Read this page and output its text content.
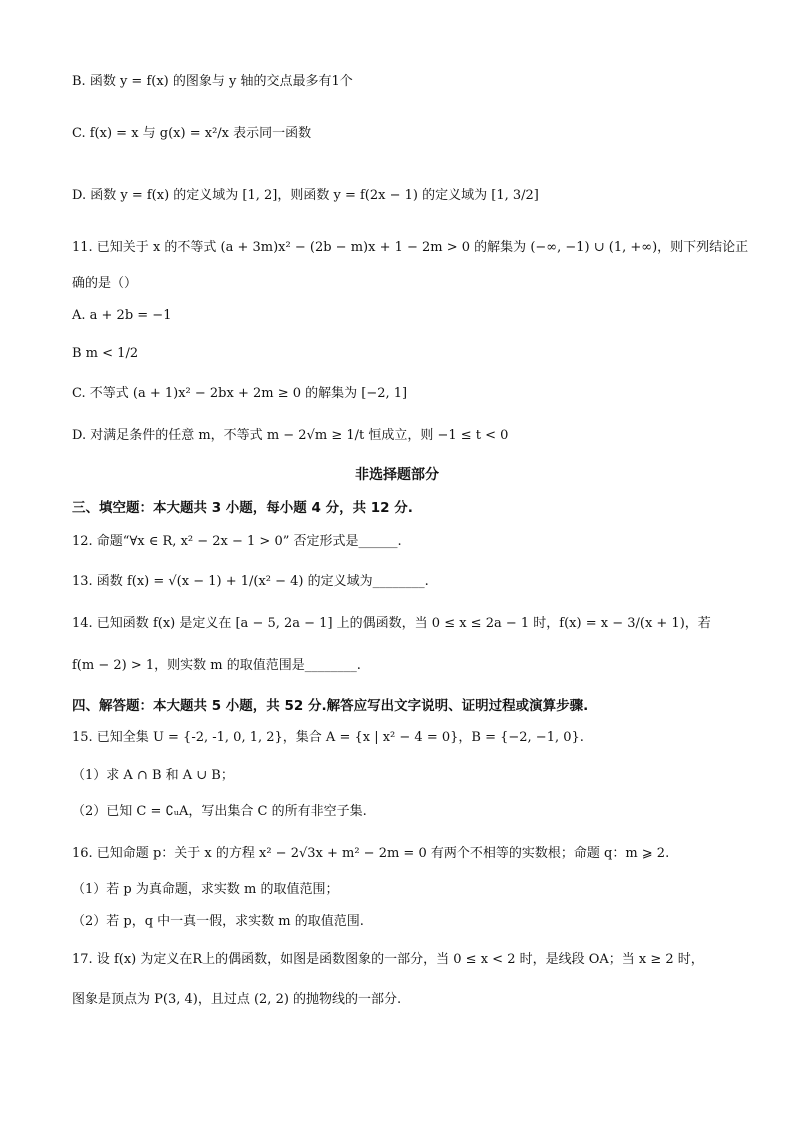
B. 函数 y = f(x) 的图象与 y 轴的交点最多有1个
C. f(x) = x 与 g(x) = x²/x 表示同一函数
D. 函数 y = f(x) 的定义域为 [1, 2]，则函数 y = f(2x − 1) 的定义域为 [1, 3/2]
11. 已知关于 x 的不等式 (a + 3m)x² − (2b − m)x + 1 − 2m > 0 的解集为 (−∞, −1) ∪ (1, +∞)，则下列结论正
确的是（）
A. a + 2b = −1
B m < 1/2
C. 不等式 (a + 1)x² − 2bx + 2m ≥ 0 的解集为 [−2, 1]
D. 对满足条件的任意 m，不等式 m − 2√m ≥ 1/t 恒成立，则 −1 ≤ t < 0
非选择题部分
三、填空题：本大题共 3 小题，每小题 4 分，共 12 分.
12. 命题“∀x ∈ R, x² − 2x − 1 > 0” 否定形式是______.
13. 函数 f(x) = √(x − 1) + 1/(x² − 4) 的定义域为________.
14. 已知函数 f(x) 是定义在 [a − 5, 2a − 1] 上的偶函数，当 0 ≤ x ≤ 2a − 1 时，f(x) = x − 3/(x + 1)，若
f(m − 2) > 1，则实数 m 的取值范围是________.
四、解答题：本大题共 5 小题，共 52 分.解答应写出文字说明、证明过程或演算步骤.
15. 已知全集 U = {-2, -1, 0, 1, 2}，集合 A = {x | x² − 4 = 0}，B = {−2, −1, 0}.
（1）求 A ∩ B 和 A ∪ B；
（2）已知 C = ∁ᵤA，写出集合 C 的所有非空子集.
16. 已知命题 p：关于 x 的方程 x² − 2√3x + m² − 2m = 0 有两个不相等的实数根；命题 q：m ⩾ 2.
（1）若 p 为真命题，求实数 m 的取值范围；
（2）若 p，q 中一真一假，求实数 m 的取值范围.
17. 设 f(x) 为定义在R上的偶函数，如图是函数图象的一部分，当 0 ≤ x < 2 时，是线段 OA；当 x ≥ 2 时，
图象是顶点为 P(3, 4)，且过点 (2, 2) 的抛物线的一部分.
